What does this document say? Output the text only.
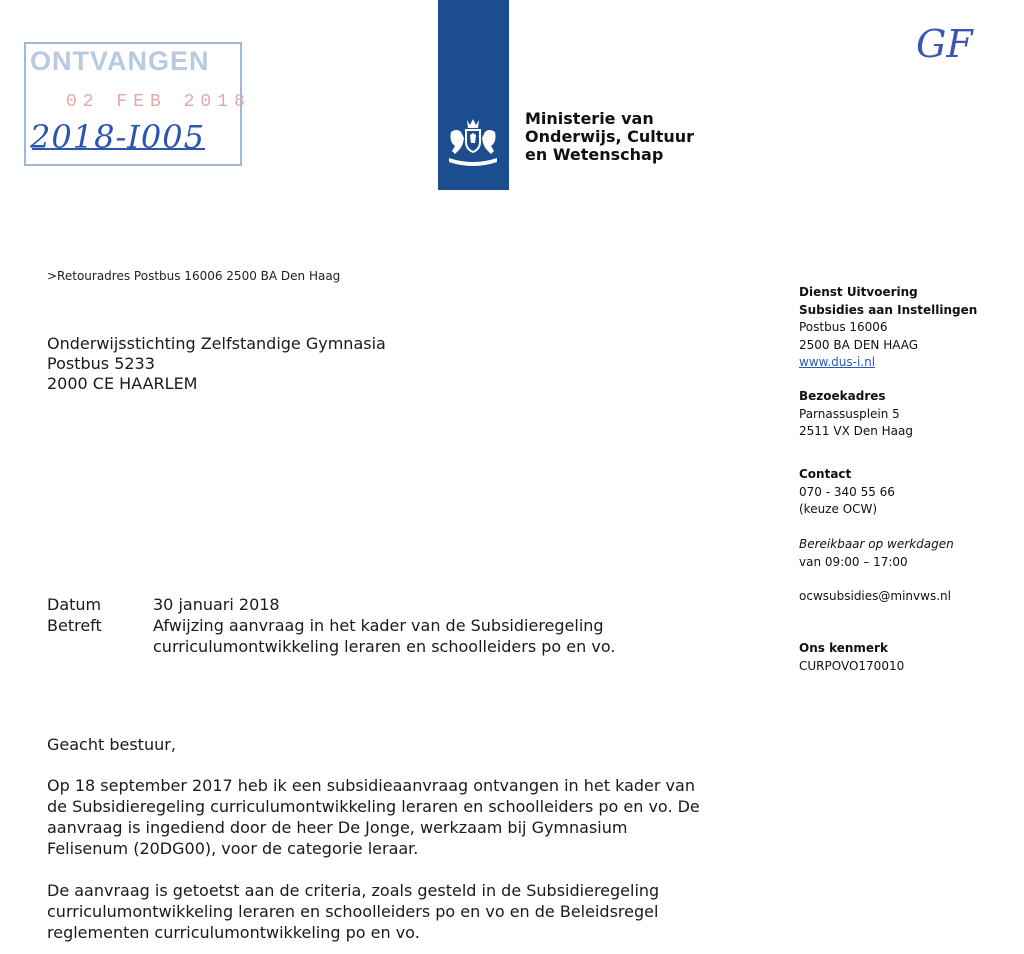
ONTVANGEN
02 FEB 2018
2018-I005
GF
Ministerie van
Onderwijs, Cultuur
en Wetenschap
>Retouradres Postbus 16006 2500 BA Den Haag
Onderwijsstichting Zelfstandige Gymnasia
Postbus 5233
2000 CE HAARLEM
Dienst Uitvoering
Subsidies aan Instellingen
Postbus 16006
2500 BA DEN HAAG
www.dus-i.nl
Bezoekadres
Parnassusplein 5
2511 VX Den Haag
Contact
070 - 340 55 66
(keuze OCW)
Bereikbaar op werkdagen
van 09:00 – 17:00
ocwsubsidies@minvws.nl
Ons kenmerk
CURPOVO170010
Datum	30 januari 2018
Betreft	Afwijzing aanvraag in het kader van de Subsidieregeling
curriculumontwikkeling leraren en schoolleiders po en vo.
Geacht bestuur,
Op 18 september 2017 heb ik een subsidieaanvraag ontvangen in het kader van
de Subsidieregeling curriculumontwikkeling leraren en schoolleiders po en vo. De
aanvraag is ingediend door de heer De Jonge, werkzaam bij Gymnasium
Felisenum (20DG00), voor de categorie leraar.
De aanvraag is getoetst aan de criteria, zoals gesteld in de Subsidieregeling
curriculumontwikkeling leraren en schoolleiders po en vo en de Beleidsregel
reglementen curriculumontwikkeling po en vo.
